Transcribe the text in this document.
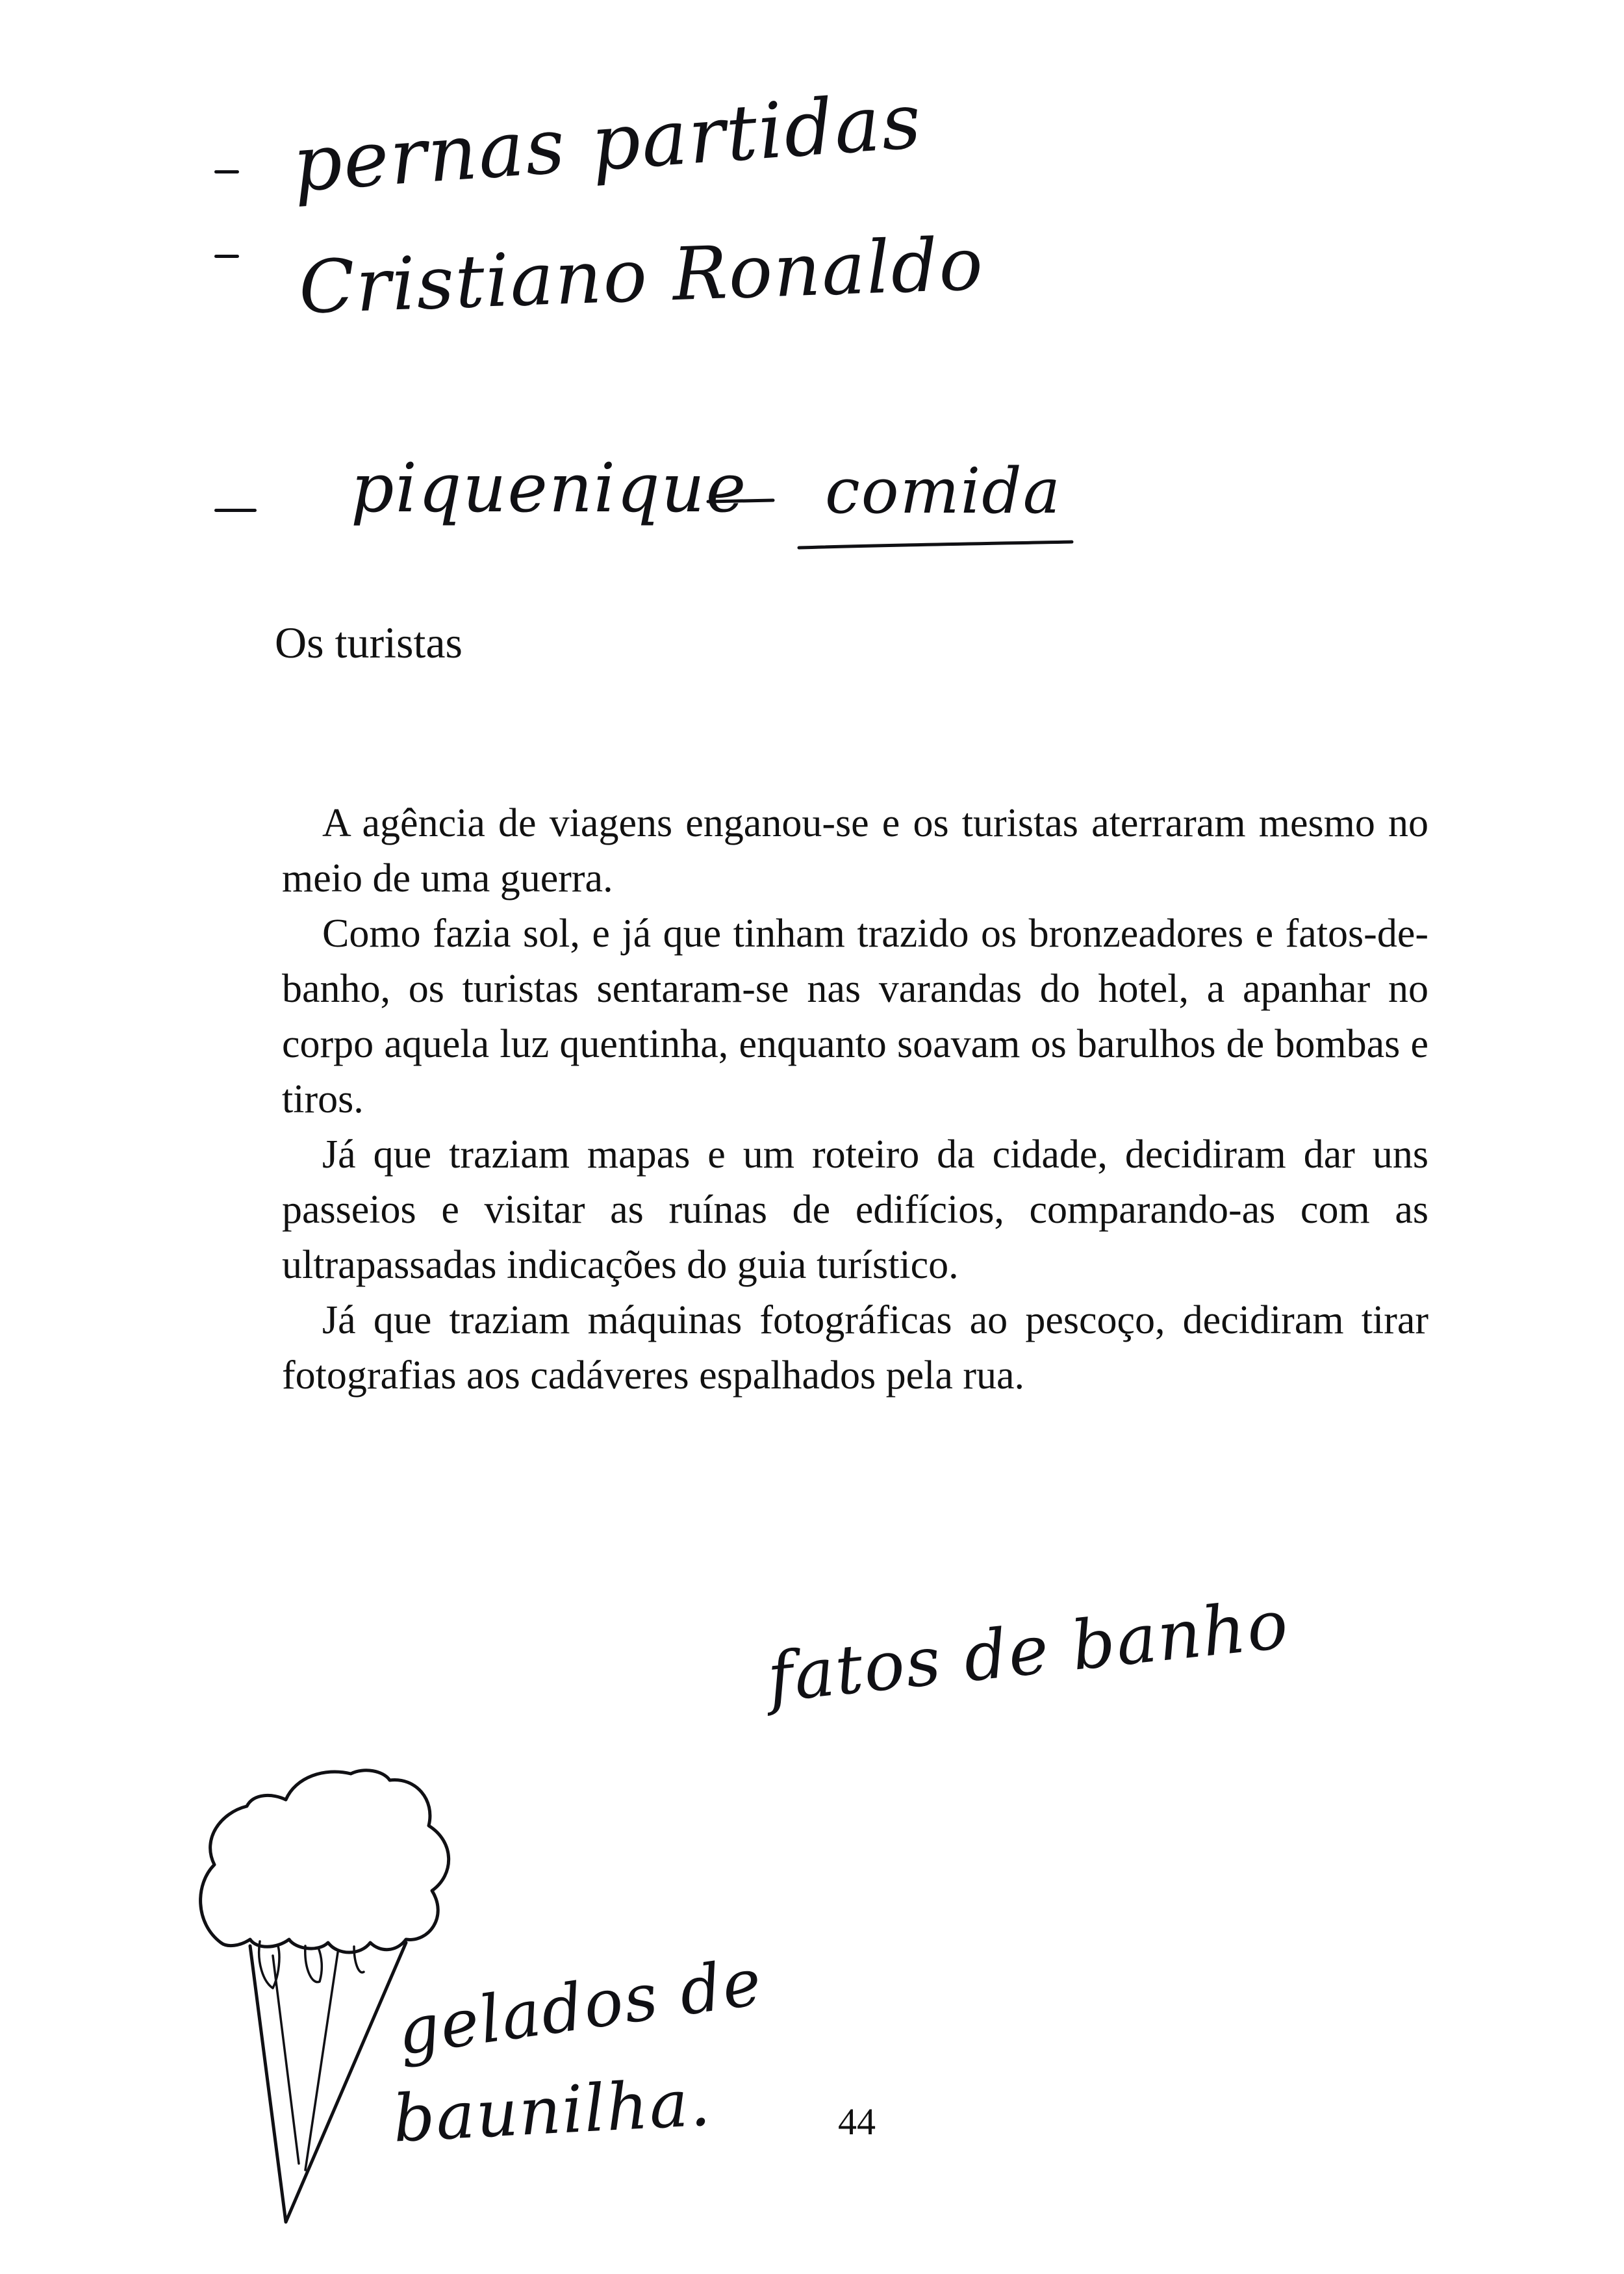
pernas partidas
Cristiano Ronaldo
piquenique comida
Os turistas

A agência de viagens enganou-se e os turistas aterraram mesmo no meio de uma guerra.

Como fazia sol, e já que tinham trazido os bronzeadores e fatos-de-banho, os turistas sentaram-se nas varandas do hotel, a apanhar no corpo aquela luz quentinha, enquanto soavam os barulhos de bombas e tiros.

Já que traziam mapas e um roteiro da cidade, decidiram dar uns passeios e visitar as ruínas de edifícios, comparando-as com as ultrapassadas indicações do guia turístico.

Já que traziam máquinas fotográficas ao pescoço, decidiram tirar fotografias aos cadáveres espalhados pela rua.

fatos de banho
gelados de
baunilha.	44
